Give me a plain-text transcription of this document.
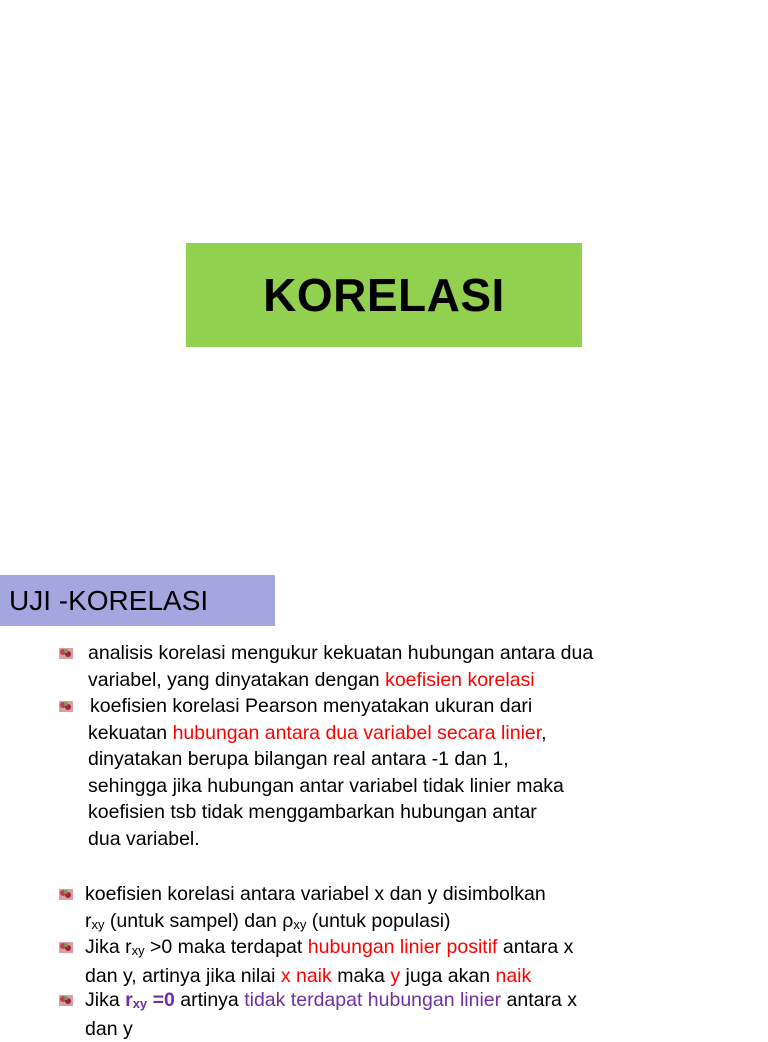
KORELASI
UJI -KORELASI
analisis korelasi mengukur kekuatan hubungan antara dua
variabel, yang dinyatakan dengan koefisien korelasi
koefisien korelasi Pearson menyatakan ukuran dari
kekuatan hubungan antara dua variabel secara linier,
dinyatakan berupa bilangan real antara -1 dan 1,
sehingga jika hubungan antar variabel tidak linier maka
koefisien tsb tidak menggambarkan hubungan antar
dua variabel.
koefisien korelasi antara variabel x dan y disimbolkan
rxy (untuk sampel) dan ρxy (untuk populasi)
Jika rxy >0 maka terdapat hubungan linier positif antara x
dan y, artinya jika nilai x naik maka y juga akan naik
Jika rxy =0 artinya tidak terdapat hubungan linier antara x
dan y
